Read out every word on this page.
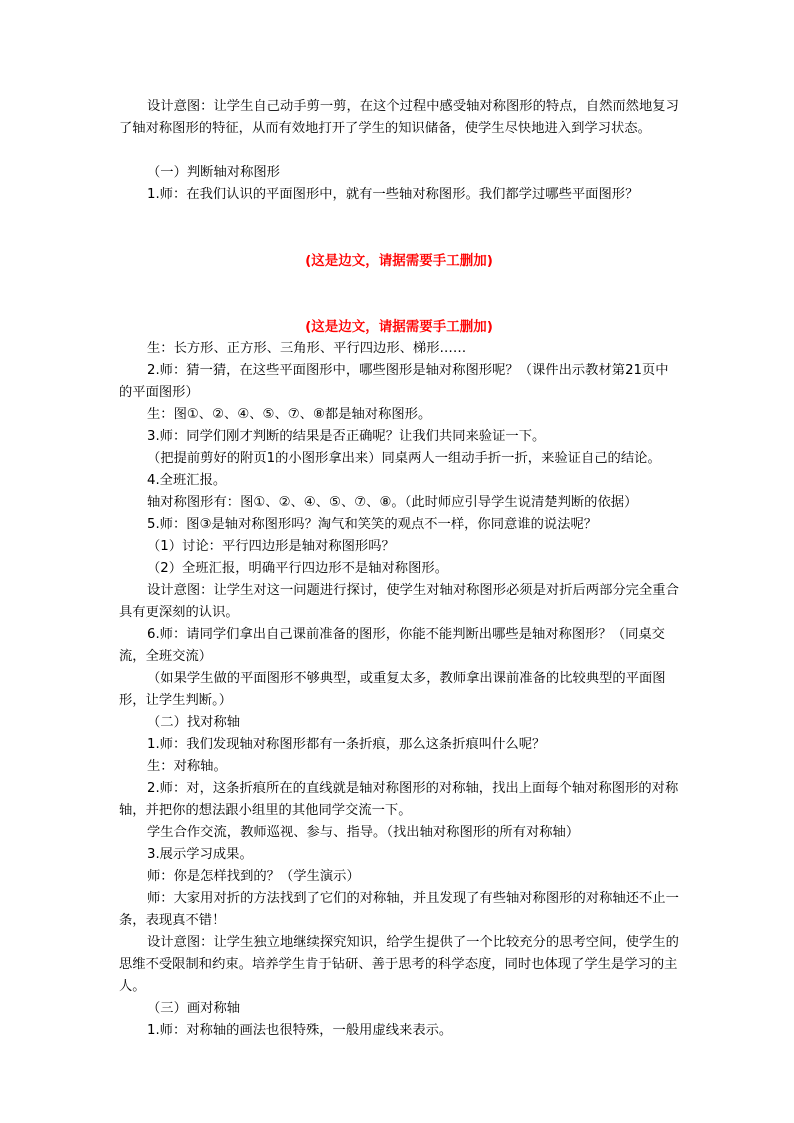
设计意图：让学生自己动手剪一剪，在这个过程中感受轴对称图形的特点，自然而然地复习了轴对称图形的特征，从而有效地打开了学生的知识储备，使学生尽快地进入到学习状态。

（一）判断轴对称图形

1.师：在我们认识的平面图形中，就有一些轴对称图形。我们都学过哪些平面图形？

(这是边文，请据需要手工删加)

(这是边文，请据需要手工删加)

生：长方形、正方形、三角形、平行四边形、梯形……

2.师：猜一猜，在这些平面图形中，哪些图形是轴对称图形呢？（课件出示教材第21页中的平面图形）

生：图①、②、④、⑤、⑦、⑧都是轴对称图形。

3.师：同学们刚才判断的结果是否正确呢？让我们共同来验证一下。

（把提前剪好的附页1的小图形拿出来）同桌两人一组动手折一折，来验证自己的结论。

4.全班汇报。

轴对称图形有：图①、②、④、⑤、⑦、⑧。（此时师应引导学生说清楚判断的依据）

5.师：图③是轴对称图形吗？淘气和笑笑的观点不一样，你同意谁的说法呢？

（1）讨论：平行四边形是轴对称图形吗？

（2）全班汇报，明确平行四边形不是轴对称图形。

设计意图：让学生对这一问题进行探讨，使学生对轴对称图形必须是对折后两部分完全重合具有更深刻的认识。

6.师：请同学们拿出自己课前准备的图形，你能不能判断出哪些是轴对称图形？（同桌交流，全班交流）

（如果学生做的平面图形不够典型，或重复太多，教师拿出课前准备的比较典型的平面图形，让学生判断。）

（二）找对称轴

1.师：我们发现轴对称图形都有一条折痕，那么这条折痕叫什么呢？

生：对称轴。

2.师：对，这条折痕所在的直线就是轴对称图形的对称轴，找出上面每个轴对称图形的对称轴，并把你的想法跟小组里的其他同学交流一下。

学生合作交流，教师巡视、参与、指导。（找出轴对称图形的所有对称轴）

3.展示学习成果。

师：你是怎样找到的？（学生演示）

师：大家用对折的方法找到了它们的对称轴，并且发现了有些轴对称图形的对称轴还不止一条，表现真不错！

设计意图：让学生独立地继续探究知识，给学生提供了一个比较充分的思考空间，使学生的思维不受限制和约束。培养学生肯于钻研、善于思考的科学态度，同时也体现了学生是学习的主人。

（三）画对称轴

1.师：对称轴的画法也很特殊，一般用虚线来表示。
